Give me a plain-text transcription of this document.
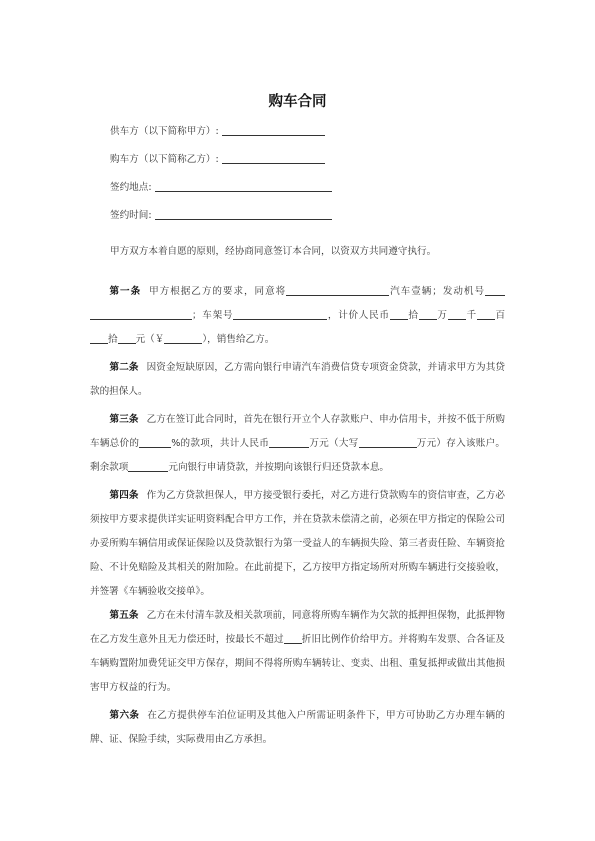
购车合同
供车方（以下简称甲方）:
购车方（以下简称乙方）:
签约地点:
签约时间:
甲方双方本着自愿的原则，经协商同意签订本合同，以资双方共同遵守执行。
第一条 甲方根据乙方的要求，同意将	汽车壹辆；发动机号；车架号	，计价人民币 拾 万 千 百拾 元（￥	），销售给乙方。
第二条 因资金短缺原因，乙方需向银行申请汽车消费信贷专项资金贷款，并请求甲方为其贷款的担保人。
第三条 乙方在签订此合同时，首先在银行开立个人存款账户、申办信用卡，并按不低于所购车辆总价的	%的款项，共计人民币	万元（大写	万元）存入该账户。剩余款项	元向银行申请贷款，并按期向该银行归还贷款本息。
第四条 作为乙方贷款担保人，甲方接受银行委托，对乙方进行贷款购车的资信审查，乙方必须按甲方要求提供详实证明资料配合甲方工作，并在贷款未偿清之前，必须在甲方指定的保险公司办妥所购车辆信用或保证保险以及贷款银行为第一受益人的车辆损失险、第三者责任险、车辆资抢险、不计免赔险及其相关的附加险。在此前提下，乙方按甲方指定场所对所购车辆进行交接验收，并签署《车辆验收交接单》。
第五条 乙方在未付清车款及相关款项前，同意将所购车辆作为欠款的抵押担保物，此抵押物在乙方发生意外且无力偿还时，按最长不超过 折旧比例作价给甲方。并将购车发票、合各证及车辆购置附加费凭证交甲方保存，期间不得将所购车辆转让、变卖、出租、重复抵押或做出其他损害甲方权益的行为。
第六条 在乙方提供停车泊位证明及其他入户所需证明条件下，甲方可协助乙方办理车辆的牌、证、保险手续，实际费用由乙方承担。
